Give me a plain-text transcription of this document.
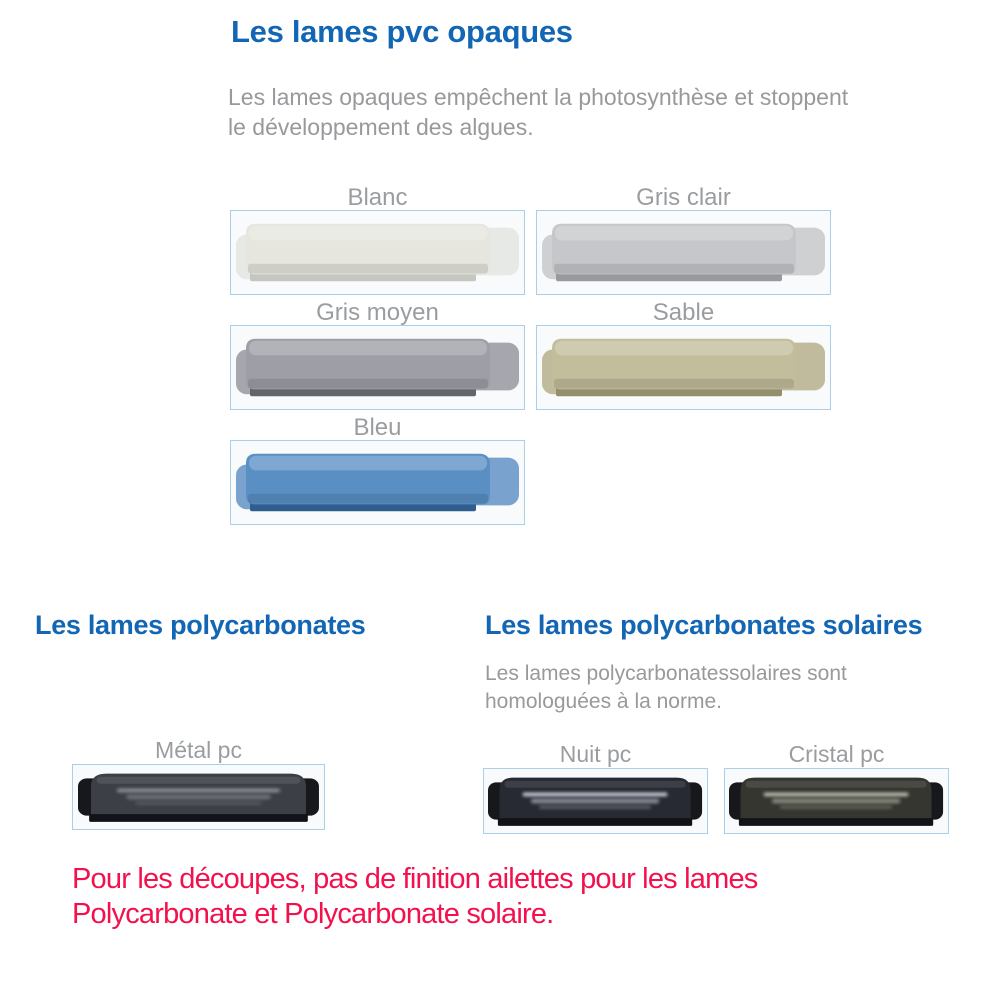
Les lames pvc opaques

Les lames opaques empêchent la photosynthèse et stoppent le développement des algues.

Blanc	Gris clair
Gris moyen	Sable
Bleu
Les lames polycarbonates	Les lames polycarbonates solaires

Les lames polycarbonatessolaires sont homologuées à la norme.

Métal pc	Nuit pc	Cristal pc

Pour les découpes, pas de finition ailettes pour les lames Polycarbonate et Polycarbonate solaire.
